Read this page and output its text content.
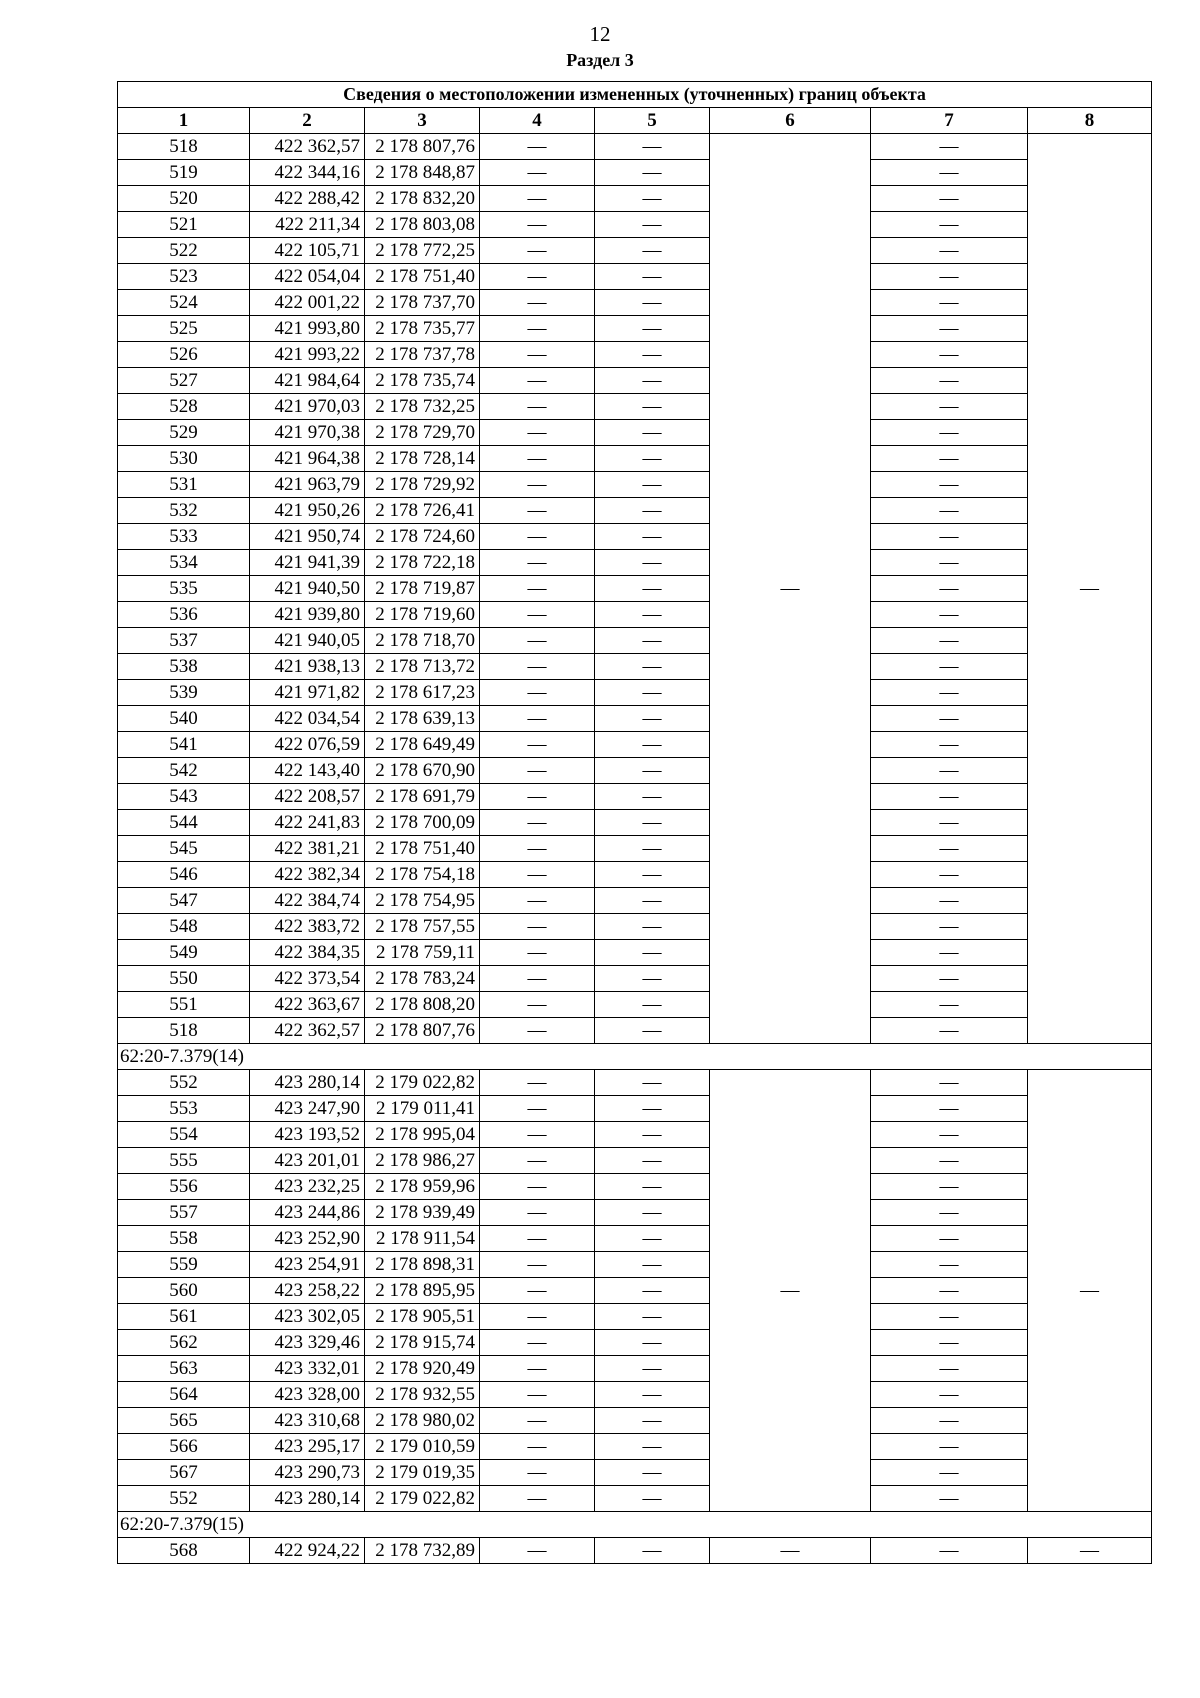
12
Раздел 3
Сведения о местоположении измененных (уточненных) границ объекта							
1	2	3	4	5	6	7	8
518	422 362,57	2 178 807,76	—	—	—	—	—
519	422 344,16	2 178 848,87	—	—		—	
520	422 288,42	2 178 832,20	—	—		—	
521	422 211,34	2 178 803,08	—	—		—	
522	422 105,71	2 178 772,25	—	—		—	
523	422 054,04	2 178 751,40	—	—		—	
524	422 001,22	2 178 737,70	—	—		—	
525	421 993,80	2 178 735,77	—	—		—	
526	421 993,22	2 178 737,78	—	—		—	
527	421 984,64	2 178 735,74	—	—		—	
528	421 970,03	2 178 732,25	—	—		—	
529	421 970,38	2 178 729,70	—	—		—	
530	421 964,38	2 178 728,14	—	—		—	
531	421 963,79	2 178 729,92	—	—		—	
532	421 950,26	2 178 726,41	—	—		—	
533	421 950,74	2 178 724,60	—	—		—	
534	421 941,39	2 178 722,18	—	—		—	
535	421 940,50	2 178 719,87	—	—		—	
536	421 939,80	2 178 719,60	—	—		—	
537	421 940,05	2 178 718,70	—	—		—	
538	421 938,13	2 178 713,72	—	—		—	
539	421 971,82	2 178 617,23	—	—		—	
540	422 034,54	2 178 639,13	—	—		—	
541	422 076,59	2 178 649,49	—	—		—	
542	422 143,40	2 178 670,90	—	—		—	
543	422 208,57	2 178 691,79	—	—		—	
544	422 241,83	2 178 700,09	—	—		—	
545	422 381,21	2 178 751,40	—	—		—	
546	422 382,34	2 178 754,18	—	—		—	
547	422 384,74	2 178 754,95	—	—		—	
548	422 383,72	2 178 757,55	—	—		—	
549	422 384,35	2 178 759,11	—	—		—	
550	422 373,54	2 178 783,24	—	—		—	
551	422 363,67	2 178 808,20	—	—		—	
518	422 362,57	2 178 807,76	—	—		—	
62:20-7.379(14)							
552	423 280,14	2 179 022,82	—	—	—	—	—
553	423 247,90	2 179 011,41	—	—		—	
554	423 193,52	2 178 995,04	—	—		—	
555	423 201,01	2 178 986,27	—	—		—	
556	423 232,25	2 178 959,96	—	—		—	
557	423 244,86	2 178 939,49	—	—		—	
558	423 252,90	2 178 911,54	—	—		—	
559	423 254,91	2 178 898,31	—	—		—	
560	423 258,22	2 178 895,95	—	—		—	
561	423 302,05	2 178 905,51	—	—		—	
562	423 329,46	2 178 915,74	—	—		—	
563	423 332,01	2 178 920,49	—	—		—	
564	423 328,00	2 178 932,55	—	—		—	
565	423 310,68	2 178 980,02	—	—		—	
566	423 295,17	2 179 010,59	—	—		—	
567	423 290,73	2 179 019,35	—	—		—	
552	423 280,14	2 179 022,82	—	—		—	
62:20-7.379(15)							
568	422 924,22	2 178 732,89	—	—	—	—	—
